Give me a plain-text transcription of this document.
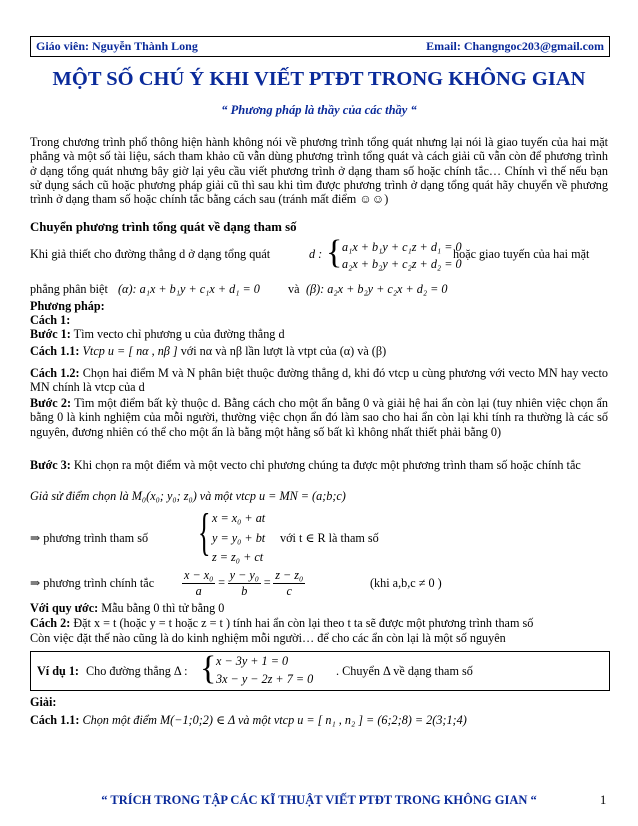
Giáo viên: Nguyễn Thành Long	Email: Changngoc203@gmail.com
MỘT SỐ CHÚ Ý KHI VIẾT PTĐT TRONG KHÔNG GIAN
“ Phương pháp là thầy của các thầy “

Trong chương trình phổ thông hiện hành không nói về phương trình tổng quát nhưng lại nói là giao tuyến của hai mặt phẳng và một số tài liệu, sách tham khảo cũ vẫn dùng phương trình tổng quát và cách giải cũ vẫn còn để phương trình ở dạng tổng quát nhưng bây giờ lại yêu cầu viết phương trình ở dạng tham số hoặc chính tắc… Chính vì thế nếu bạn sử dụng sách cũ hoặc phương pháp giải cũ thì sau khi tìm được phương trình ở dạng tổng quát hãy chuyển về phương trình ở dạng tham số hoặc chính tắc bằng cách sau (tránh mất điểm ☺☺)

Chuyển phương trình tổng quát về dạng tham số
Khi giả thiết cho đường thẳng d ở dạng tổng quát	d : { a₁x + b₁y + c₁z + d₁ = 0
a₂x + b₂y + c₂z + d₂ = 0
hoặc giao tuyến của hai mặt
phẳng phân biệt (α): a₁x + b₁y + c₁x + d₁ = 0 và (β): a₂x + b₂y + c₂x + d₂ = 0
Phương pháp:
Cách 1:
Bước 1: Tìm vecto chỉ phương u của đường thẳng d
Cách 1.1: Vtcp u = [ nα , nβ ] với nα và nβ lần lượt là vtpt của (α) và (β)

Cách 1.2: Chọn hai điểm M và N phân biệt thuộc đường thẳng d, khi đó vtcp u cùng phương với vecto MN hay vecto MN chính là vtcp của d

Bước 2: Tìm một điểm bất kỳ thuộc d. Bằng cách cho một ẩn bằng 0 và giải hệ hai ẩn còn lại (tuy nhiên việc chọn ẩn bằng 0 là kinh nghiệm của mỗi người, thường việc chọn ẩn đó làm sao cho hai ẩn còn lại khi tính ra thường là các số nguyên, đương nhiên có thể cho một ẩn là bằng một hằng số bất kì không nhất thiết phải bằng 0)

Bước 3: Khi chọn ra một điểm và một vecto chỉ phương chúng ta được một phương trình tham số hoặc chính tắc

Giả sử điểm chọn là M₀(x₀; y₀; z₀) và một vtcp u = MN = (a;b;c)
⇒ phương trình tham số { x = x₀ + at
y = y₀ + bt
z = z₀ + ct
với t ∈ R là tham số
⇒ phương trình chính tắc $\frac{\text{x − x₀}}{a} = \frac{\text{y − y₀}}{b} = \frac{\text{z − z₀}}{c}$	(khi a,b,c ≠ 0 )
Với quy ước: Mẫu bằng 0 thì tử bằng 0
Cách 2: Đặt x = t (hoặc y = t hoặc z = t ) tính hai ẩn còn lại theo t ta sẽ được một phương trình tham số
Còn việc đặt thế nào cũng là do kinh nghiệm mỗi người… để cho các ẩn còn lại là một số nguyên
Ví dụ 1: Cho đường thẳng Δ : { x − 3y + 1 = 0
3x − y − 2z + 7 = 0
. Chuyển Δ về dạng tham số
Giải:
Cách 1.1: Chọn một điểm M(−1;0;2) ∈ Δ và một vtcp u = [ n₁ , n₂ ] = (6;2;8) = 2(3;1;4)
“ TRÍCH TRONG TẬP CÁC KĨ THUẬT VIẾT PTĐT TRONG KHÔNG GIAN “	1
